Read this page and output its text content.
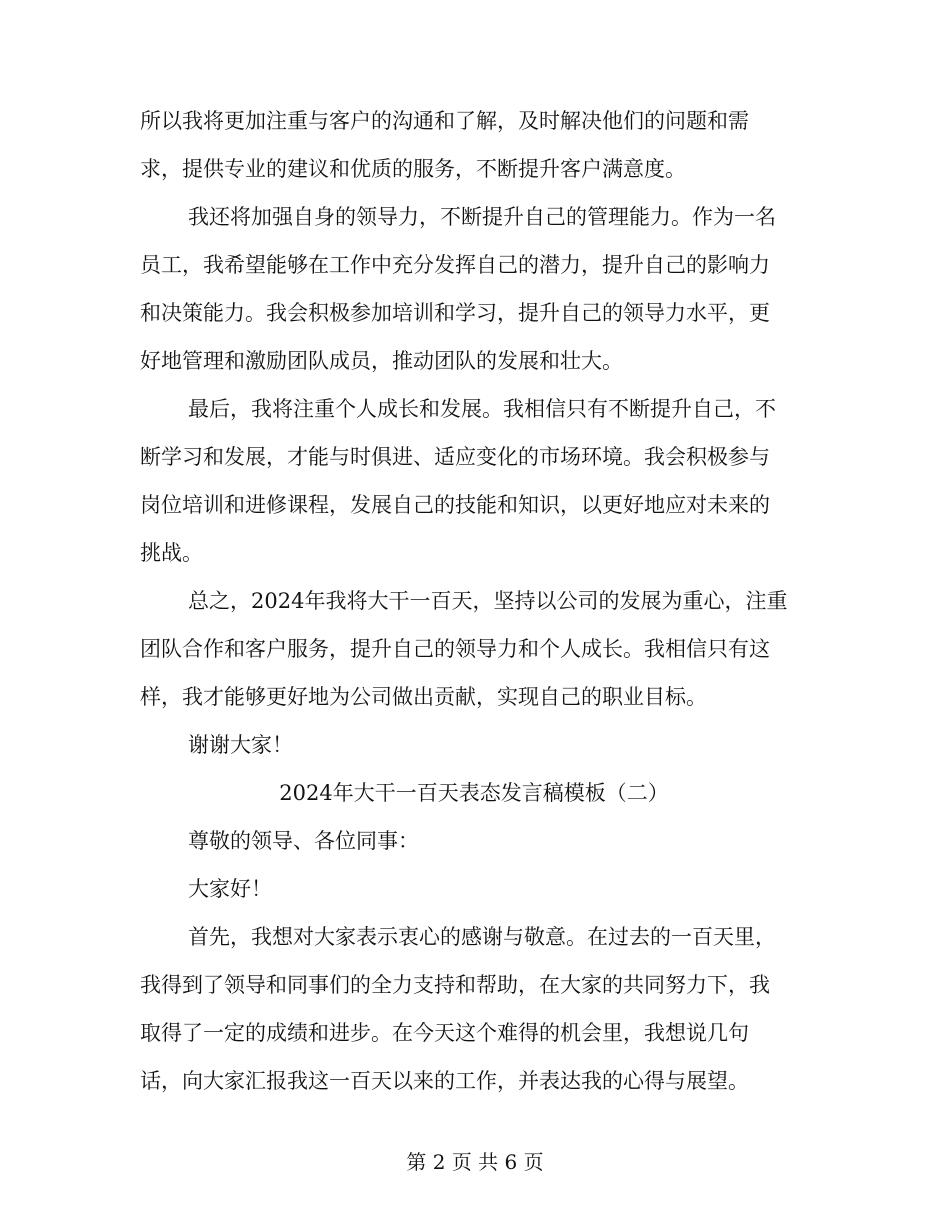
所以我将更加注重与客户的沟通和了解，及时解决他们的问题和需
求，提供专业的建议和优质的服务，不断提升客户满意度。
我还将加强自身的领导力，不断提升自己的管理能力。作为一名
员工，我希望能够在工作中充分发挥自己的潜力，提升自己的影响力
和决策能力。我会积极参加培训和学习，提升自己的领导力水平，更
好地管理和激励团队成员，推动团队的发展和壮大。
最后，我将注重个人成长和发展。我相信只有不断提升自己，不
断学习和发展，才能与时俱进、适应变化的市场环境。我会积极参与
岗位培训和进修课程，发展自己的技能和知识，以更好地应对未来的
挑战。
总之，2024年我将大干一百天，坚持以公司的发展为重心，注重
团队合作和客户服务，提升自己的领导力和个人成长。我相信只有这
样，我才能够更好地为公司做出贡献，实现自己的职业目标。
谢谢大家！
2024年大干一百天表态发言稿模板（二）
尊敬的领导、各位同事：
大家好！
首先，我想对大家表示衷心的感谢与敬意。在过去的一百天里，
我得到了领导和同事们的全力支持和帮助，在大家的共同努力下，我
取得了一定的成绩和进步。在今天这个难得的机会里，我想说几句
话，向大家汇报我这一百天以来的工作，并表达我的心得与展望。
第 2 页 共 6 页
